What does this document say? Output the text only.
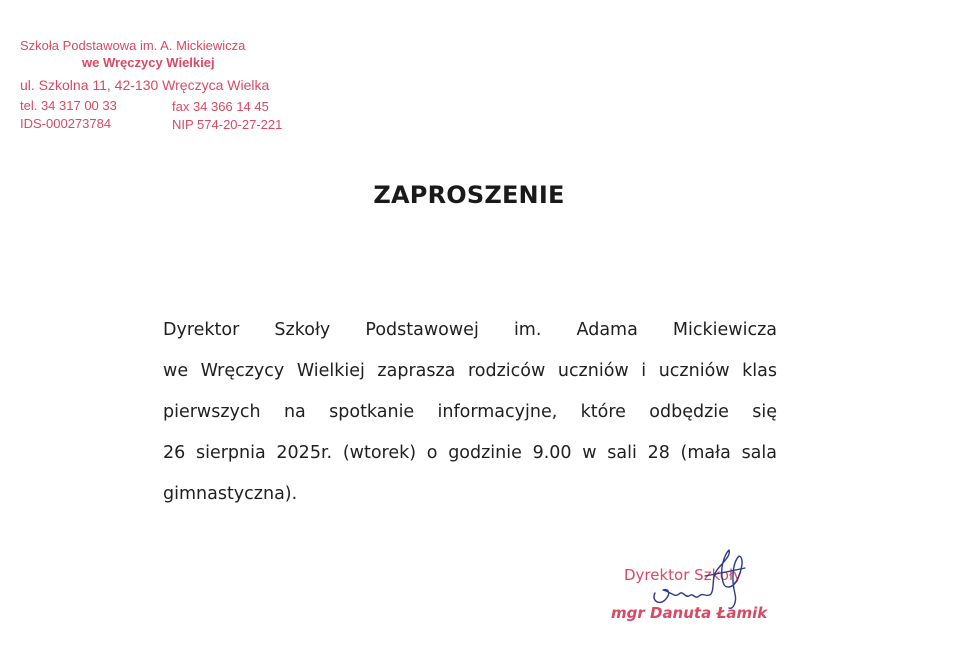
Szkoła Podstawowa im. A. Mickiewicza
we Wręczycy Wielkiej
ul. Szkolna 11, 42-130 Wręczyca Wielka
tel. 34 317 00 33	fax 34 366 14 45
IDS-000273784	NIP 574-20-27-221
ZAPROSZENIE
Dyrektor Szkoły Podstawowej im. Adama Mickiewicza
we Wręczycy Wielkiej zaprasza rodziców uczniów i uczniów klas
pierwszych na spotkanie informacyjne, które odbędzie się
26 sierpnia 2025r. (wtorek) o godzinie 9.00 w sali 28 (mała sala
gimnastyczna).
Dyrektor Szkoły
mgr Danuta Łamik
